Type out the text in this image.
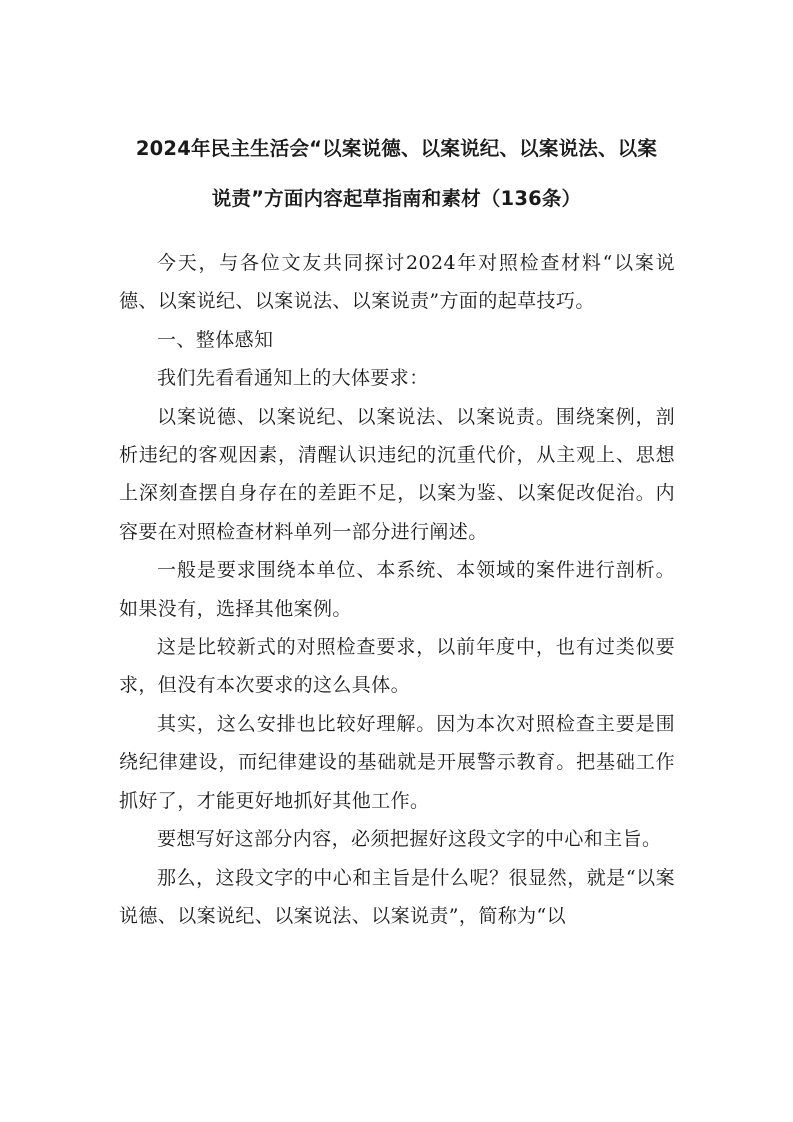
2024年民主生活会“以案说德、以案说纪、以案说法、以案
说责”方面内容起草指南和素材（136条）

今天，与各位文友共同探讨2024年对照检查材料“以案说德、以案说纪、以案说法、以案说责”方面的起草技巧。

一、整体感知

我们先看看通知上的大体要求：

以案说德、以案说纪、以案说法、以案说责。围绕案例，剖析违纪的客观因素，清醒认识违纪的沉重代价，从主观上、思想上深刻查摆自身存在的差距不足，以案为鉴、以案促改促治。内容要在对照检查材料单列一部分进行阐述。

一般是要求围绕本单位、本系统、本领域的案件进行剖析。如果没有，选择其他案例。

这是比较新式的对照检查要求，以前年度中，也有过类似要求，但没有本次要求的这么具体。

其实，这么安排也比较好理解。因为本次对照检查主要是围绕纪律建设，而纪律建设的基础就是开展警示教育。把基础工作抓好了，才能更好地抓好其他工作。

要想写好这部分内容，必须把握好这段文字的中心和主旨。

那么，这段文字的中心和主旨是什么呢？很显然，就是“以案说德、以案说纪、以案说法、以案说责”，简称为“以
